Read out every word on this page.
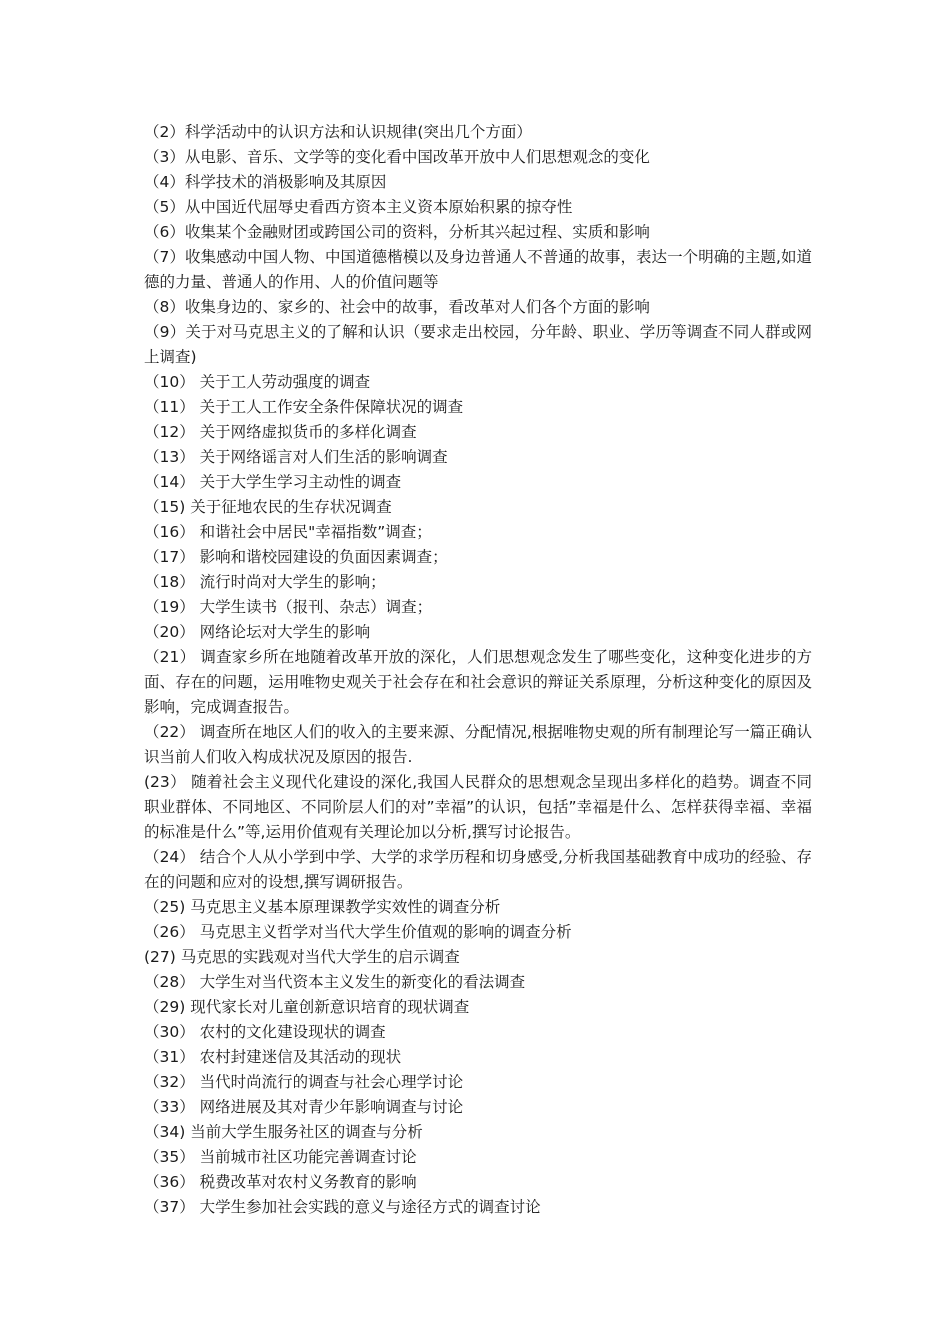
（2）科学活动中的认识方法和认识规律(突出几个方面）

（3）从电影、音乐、文学等的变化看中国改革开放中人们思想观念的变化

（4）科学技术的消极影响及其原因

（5）从中国近代屈辱史看西方资本主义资本原始积累的掠夺性

（6）收集某个金融财团或跨国公司的资料，分析其兴起过程、实质和影响

（7）收集感动中国人物、中国道德楷模以及身边普通人不普通的故事，表达一个明确的主题,如道德的力量、普通人的作用、人的价值问题等

（8）收集身边的、家乡的、社会中的故事，看改革对人们各个方面的影响

（9）关于对马克思主义的了解和认识（要求走出校园，分年龄、职业、学历等调查不同人群或网上调查)

（10） 关于工人劳动强度的调查

（11） 关于工人工作安全条件保障状况的调查

（12） 关于网络虚拟货币的多样化调查

（13） 关于网络谣言对人们生活的影响调查

（14） 关于大学生学习主动性的调查

（15) 关于征地农民的生存状况调查

（16） 和谐社会中居民"幸福指数”调查；

（17） 影响和谐校园建设的负面因素调查；

（18） 流行时尚对大学生的影响；

（19） 大学生读书（报刊、杂志）调查；

（20） 网络论坛对大学生的影响

（21） 调查家乡所在地随着改革开放的深化，人们思想观念发生了哪些变化，这种变化进步的方面、存在的问题，运用唯物史观关于社会存在和社会意识的辩证关系原理，分析这种变化的原因及影响，完成调查报告。

（22） 调查所在地区人们的收入的主要来源、分配情况,根据唯物史观的所有制理论写一篇正确认识当前人们收入构成状况及原因的报告.

(23） 随着社会主义现代化建设的深化,我国人民群众的思想观念呈现出多样化的趋势。调查不同职业群体、不同地区、不同阶层人们的对”幸福”的认识，包括”幸福是什么、怎样获得幸福、幸福的标准是什么”等,运用价值观有关理论加以分析,撰写讨论报告。

（24） 结合个人从小学到中学、大学的求学历程和切身感受,分析我国基础教育中成功的经验、存在的问题和应对的设想,撰写调研报告。

（25) 马克思主义基本原理课教学实效性的调查分析

（26） 马克思主义哲学对当代大学生价值观的影响的调查分析

(27) 马克思的实践观对当代大学生的启示调查

（28） 大学生对当代资本主义发生的新变化的看法调查

（29) 现代家长对儿童创新意识培育的现状调查

（30） 农村的文化建设现状的调查

（31） 农村封建迷信及其活动的现状

（32） 当代时尚流行的调查与社会心理学讨论

（33） 网络进展及其对青少年影响调查与讨论

（34) 当前大学生服务社区的调查与分析

（35） 当前城市社区功能完善调查讨论

（36） 税费改革对农村义务教育的影响

（37） 大学生参加社会实践的意义与途径方式的调查讨论
